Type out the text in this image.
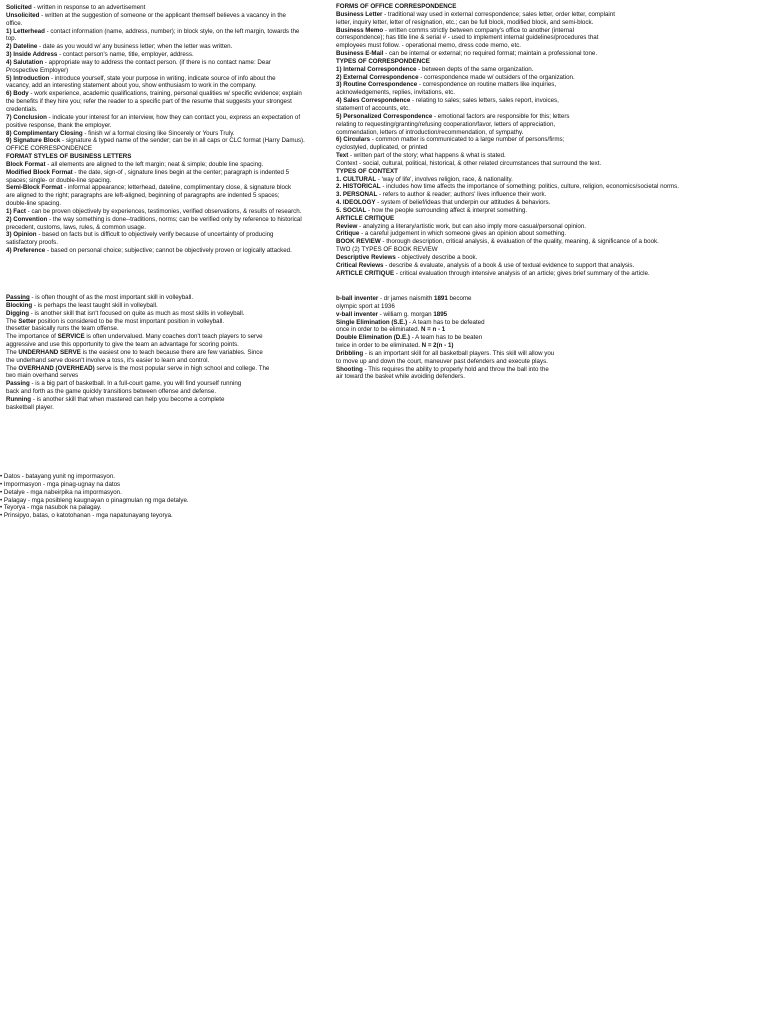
Solicited - written in response to an advertisement

Unsolicited - written at the suggestion of someone or the applicant themself believes a vacancy in the

office.

1) Letterhead - contact information (name, address, number); in block style, on the left margin, towards the

top.

2) Dateline - date as you would w/ any business letter; when the letter was written.

3) Inside Address - contact person's name, title, employer, address.

4) Salutation - appropriate way to address the contact person. (if there is no contact name: Dear

Prospective Employer)

5) Introduction - introduce yourself, state your purpose in writing, indicate source of info about the

vacancy, add an interesting statement about you, show enthusiasm to work in the company.

6) Body - work experience, academic qualifications, training, personal qualities w/ specific evidence; explain

the benefits if they hire you; refer the reader to a specific part of the resume that suggests your strongest

credentials.

7) Conclusion - indicate your interest for an interview, how they can contact you, express an expectation of

positive response, thank the employer.

8) Complimentary Closing - finish w/ a formal closing like Sincerely or Yours Truly.

9) Signature Block - signature & typed name of the sender; can be in all caps or CLC format (Harry Damus).

OFFICE CORRESPONDENCE

FORMAT STYLES OF BUSINESS LETTERS

Block Format - all elements are aligned to the left margin; neat & simple; double line spacing.

Modified Block Format - the date, sign-of , signature lines begin at the center; paragraph is indented 5

spaces; single- or double-line spacing.

Semi-Block Format - informal appearance; letterhead, dateline, complimentary close, & signature block

are aligned to the right; paragraphs are left-aligned, beginning of paragraphs are indented 5 spaces;

double-line spacing.

1) Fact - can be proven objectively by experiences, testimonies, verified observations, & results of research.

2) Convention - the way something is done--traditions, norms; can be verified only by reference to historical

precedent, customs, laws, rules, & common usage.

3) Opinion - based on facts but is difficult to objectively verify because of uncertainty of producing

satisfactory proofs.

4) Preference - based on personal choice; subjective; cannot be objectively proven or logically attacked.

FORMS OF OFFICE CORRESPONDENCE

Business Letter - traditional way used in external correspondence; sales letter, order letter, complaint

letter, inquiry letter, letter of resignation, etc.; can be full block, modified block, and semi-block.

Business Memo - written comms strictly between company's office to another (internal

correspondence); has title line & serial # - used to implement internal guidelines/procedures that

employees must follow. - operational memo, dress code memo, etc.

Business E-Mail - can be internal or external; no required format; maintain a professional tone.

TYPES OF CORRESPONDENCE

1) Internal Correspondence - between depts of the same organization.

2) External Correspondence - correspondence made w/ outsiders of the organization.

3) Routine Correspondence - correspondence on routine matters like inquiries,

acknowledgements, replies, invitations, etc.

4) Sales Correspondence - relating to sales; sales letters, sales report, invoices,

statement of accounts, etc.

5) Personalized Correspondence - emotional factors are responsible for this; letters

relating to requesting/granting/refusing cooperation/favor, letters of appreciation,

commendation, letters of introduction/recommendation, of sympathy.

6) Circulars - common matter is communicated to a large number of persons/firms;

cyclostyled, duplicated, or printed

Text - written part of the story; what happens & what is stated.

Context - social, cultural, political, historical, & other related circumstances that surround the text.

TYPES OF CONTEXT

1. CULTURAL - 'way of life', involves religion, race, & nationality.

2. HISTORICAL - includes how time affects the importance of something; politics, culture, religion, economics/societal norms.

3. PERSONAL - refers to author & reader; authors' lives influence their work.

4. IDEOLOGY - system of belief/ideas that underpin our attitudes & behaviors.

5. SOCIAL - how the people surrounding affect & interpret something.

ARTICLE CRITIQUE

Review - analyzing a literary/artistic work, but can also imply more casual/personal opinion.

Critique - a careful judgement in which someone gives an opinion about something.

BOOK REVIEW - thorough description, critical analysis, & evaluation of the quality, meaning, & significance of a book.

TWO (2) TYPES OF BOOK REVIEW

Descriptive Reviews - objectively describe a book.

Critical Reviews - describe & evaluate, analysis of a book & use of textual evidence to support that analysis.

ARTICLE CRITIQUE - critical evaluation through intensive analysis of an article; gives brief summary of the article.

Passing - is often thought of as the most important skill in volleyball.

Blocking - is perhaps the least taught skill in volleyball.

Digging - is another skill that isn't focused on quite as much as most skills in volleyball.

The Setter position is considered to be the most important position in volleyball.

thesetter basically runs the team offense.

The importance of SERVICE is often undervalued. Many coaches don't teach players to serve

aggressive and use this opportunity to give the team an advantage for scoring points.

The UNDERHAND SERVE is the easiest one to teach because there are few variables. Since

the underhand serve doesn't involve a toss, it's easier to learn and control.

The OVERHAND (OVERHEAD) serve is the most popular serve in high school and college. The

two main overhand serves

Passing - is a big part of basketball. In a full-court game, you will find yourself running

back and forth as the game quickly transitions between offense and defense.

Running - is another skill that when mastered can help you become a complete

basketball player.

b-ball inventer - dr james naismith 1891 become

olympic sport at 1936

v-ball inventer - william g. morgan 1895

Single Elimination (S.E.) - A team has to be defeated

once in order to be eliminated. N = n - 1

Double Elimination (D.E.) - A team has to be beaten

twice in order to be eliminated. N = 2(n - 1)

Dribbling - is an important skill for all basketball players. This skill will allow you

to move up and down the court, maneuver past defenders and execute plays.

Shooting - This requires the ability to properly hold and throw the ball into the

air toward the basket while avoiding defenders.

• Datos - batayang yunit ng impormasyon.

• Impormasyon - mga pinag-ugnay na datos

• Detalye - mga nabeirpika na impormasyon.

• Palagay - mga posibleng kaugnayan o pinagmulan ng mga detalye.

• Teyorya - mga nasubok na palagay.

• Prinsipyo, batas, o katotohanan - mga napatunayang teyorya.
